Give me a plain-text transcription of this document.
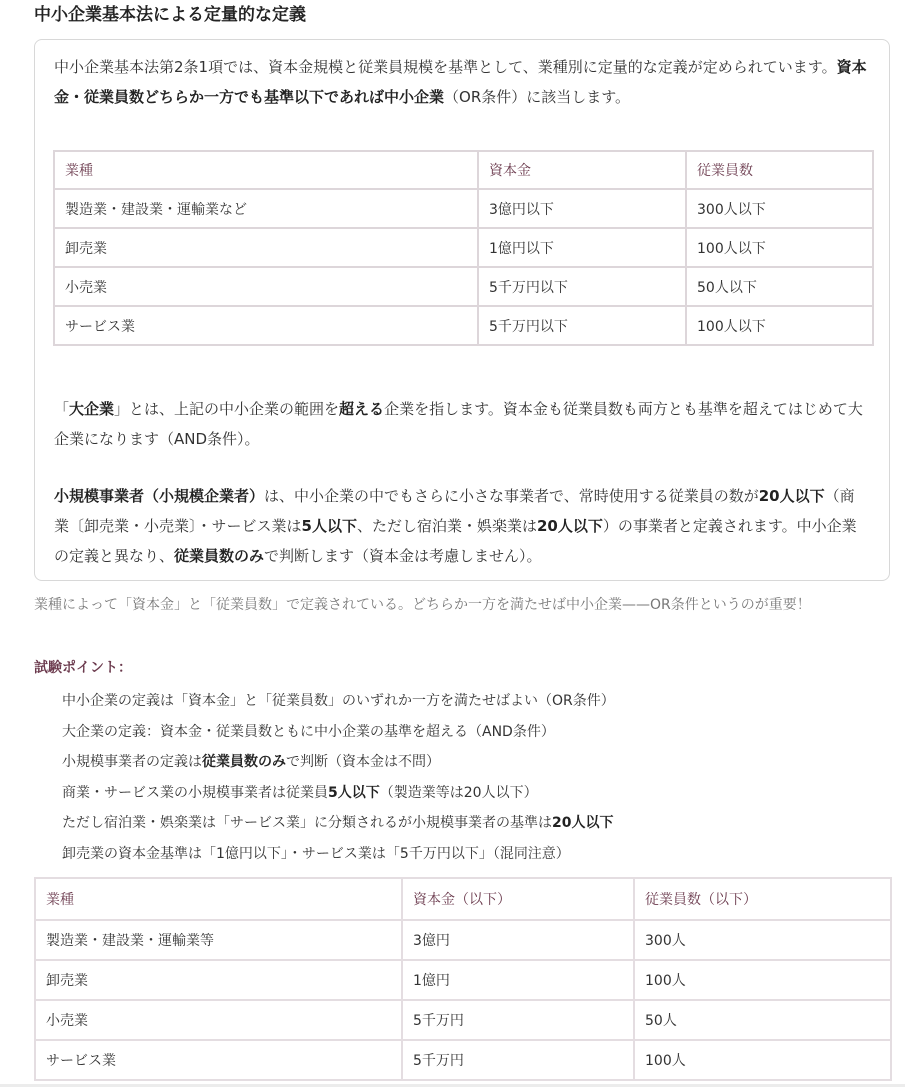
中小企業基本法による定量的な定義

中小企業基本法第2条1項では、資本金規模と従業員規模を基準として、業種別に定量的な定義が定められています。資本金・従業員数どちらか一方でも基準以下であれば中小企業（OR条件）に該当します。

業種	資本金	従業員数
製造業・建設業・運輸業など	3億円以下	300人以下
卸売業	1億円以下	100人以下
小売業	5千万円以下	50人以下
サービス業	5千万円以下	100人以下

「大企業」とは、上記の中小企業の範囲を超える企業を指します。資本金も従業員数も両方とも基準を超えてはじめて大企業になります（AND条件）。

小規模事業者（小規模企業者）は、中小企業の中でもさらに小さな事業者で、常時使用する従業員の数が20人以下（商業〔卸売業・小売業〕・サービス業は5人以下、ただし宿泊業・娯楽業は20人以下）の事業者と定義されます。中小企業の定義と異なり、従業員数のみで判断します（資本金は考慮しません）。

業種によって「資本金」と「従業員数」で定義されている。どちらか一方を満たせば中小企業——OR条件というのが重要！

試験ポイント：

中小企業の定義は「資本金」と「従業員数」のいずれか一方を満たせばよい（OR条件）
大企業の定義：資本金・従業員数ともに中小企業の基準を超える（AND条件）
小規模事業者の定義は従業員数のみで判断（資本金は不問）
商業・サービス業の小規模事業者は従業員5人以下（製造業等は20人以下）
ただし宿泊業・娯楽業は「サービス業」に分類されるが小規模事業者の基準は20人以下
卸売業の資本金基準は「1億円以下」・サービス業は「5千万円以下」（混同注意）
業種	資本金（以下）	従業員数（以下）
製造業・建設業・運輸業等	3億円	300人
卸売業	1億円	100人
小売業	5千万円	50人
サービス業	5千万円	100人
